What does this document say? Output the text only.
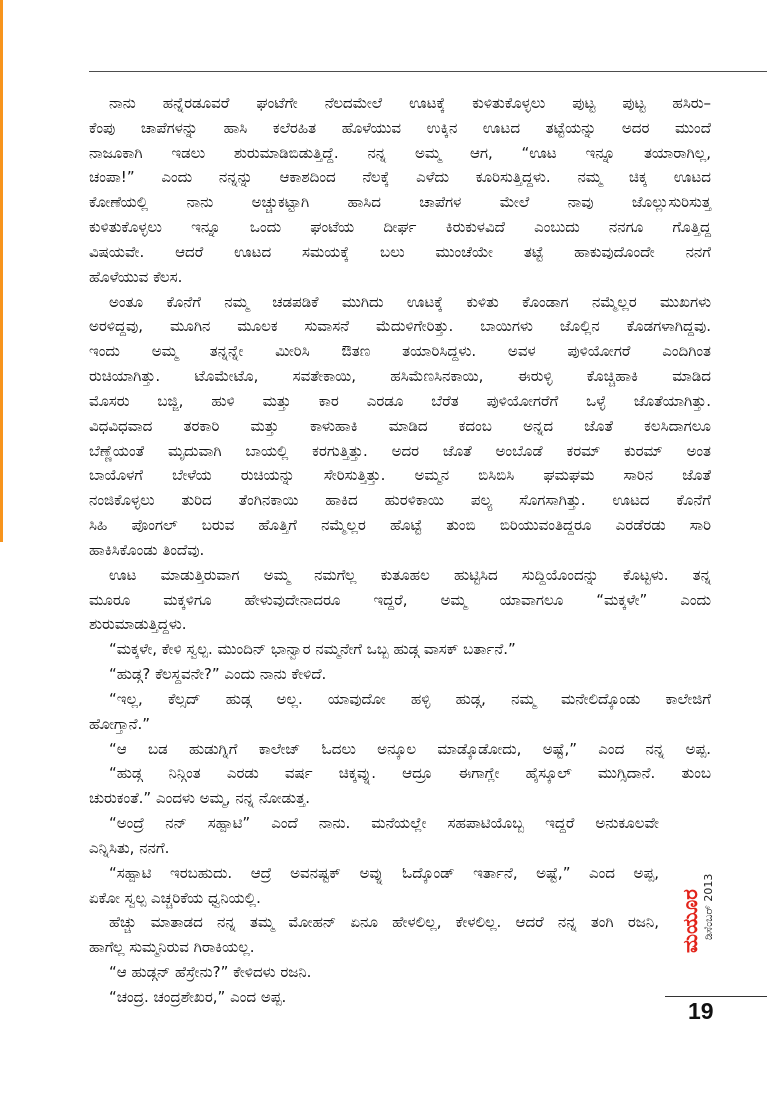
ನಾನು ಹನ್ನೆರಡೂವರೆ ಘಂಟೆಗೇ ನೆಲದಮೇಲೆ ಊಟಕ್ಕೆ ಕುಳಿತುಕೊಳ್ಳಲು ಪುಟ್ಟ ಪುಟ್ಟ ಹಸಿರು–
ಕೆಂಪು ಚಾಪೆಗಳನ್ನು ಹಾಸಿ ಕಲೆರಹಿತ ಹೊಳೆಯುವ ಉಕ್ಕಿನ ಊಟದ ತಟ್ಟೆಯನ್ನು ಅದರ ಮುಂದೆ
ನಾಜೂಕಾಗಿ ಇಡಲು ಶುರುಮಾಡಿಬಿಡುತ್ತಿದ್ದೆ. ನನ್ನ ಅಮ್ಮ ಆಗ, “ಊಟ ಇನ್ನೂ ತಯಾರಾಗಿಲ್ಲ,
ಚಂಪಾ!” ಎಂದು ನನ್ನನ್ನು ಆಕಾಶದಿಂದ ನೆಲಕ್ಕೆ ಎಳೆದು ಕೂರಿಸುತ್ತಿದ್ದಳು. ನಮ್ಮ ಚಿಕ್ಕ ಊಟದ
ಕೋಣೆಯಲ್ಲಿ ನಾನು ಅಚ್ಚುಕಟ್ಟಾಗಿ ಹಾಸಿದ ಚಾಪೆಗಳ ಮೇಲೆ ನಾವು ಜೊಲ್ಲುಸುರಿಸುತ್ತ
ಕುಳಿತುಕೊಳ್ಳಲು ಇನ್ನೂ ಒಂದು ಘಂಟೆಯ ದೀರ್ಘ ಕಿರುಕುಳವಿದೆ ಎಂಬುದು ನನಗೂ ಗೊತ್ತಿದ್ದ
ವಿಷಯವೇ. ಆದರೆ ಊಟದ ಸಮಯಕ್ಕೆ ಬಲು ಮುಂಚೆಯೇ ತಟ್ಟೆ ಹಾಕುವುದೊಂದೇ ನನಗೆ
ಹೊಳೆಯುವ ಕೆಲಸ.
ಅಂತೂ ಕೊನೆಗೆ ನಮ್ಮ ಚಡಪಡಿಕೆ ಮುಗಿದು ಊಟಕ್ಕೆ ಕುಳಿತು ಕೊಂಡಾಗ ನಮ್ಮೆಲ್ಲರ ಮುಖಗಳು
ಅರಳಿದ್ದವು, ಮೂಗಿನ ಮೂಲಕ ಸುವಾಸನೆ ಮೆದುಳಿಗೇರಿತ್ತು. ಬಾಯಿಗಳು ಜೊಲ್ಲಿನ ಕೊಡಗಳಾಗಿದ್ದವು.
ಇಂದು ಅಮ್ಮ ತನ್ನನ್ನೇ ಮೀರಿಸಿ ಔತಣ ತಯಾರಿಸಿದ್ದಳು. ಅವಳ ಪುಳಿಯೋಗರೆ ಎಂದಿಗಿಂತ
ರುಚಿಯಾಗಿತ್ತು. ಟೊಮೇಟೊ, ಸವತೇಕಾಯಿ, ಹಸಿಮೆಣಸಿನಕಾಯಿ, ಈರುಳ್ಳಿ ಕೊಚ್ಚಿಹಾಕಿ ಮಾಡಿದ
ಮೊಸರು ಬಜ್ಜಿ, ಹುಳಿ ಮತ್ತು ಕಾರ ಎರಡೂ ಬೆರೆತ ಪುಳಿಯೋಗರೆಗೆ ಒಳ್ಳೆ ಜೊತೆಯಾಗಿತ್ತು.
ವಿಧವಿಧವಾದ ತರಕಾರಿ ಮತ್ತು ಕಾಳುಹಾಕಿ ಮಾಡಿದ ಕದಂಬ ಅನ್ನದ ಜೊತೆ ಕಲಸಿದಾಗಲೂ
ಬೆಣ್ಣೆಯಂತೆ ಮೃದುವಾಗಿ ಬಾಯಲ್ಲಿ ಕರಗುತ್ತಿತ್ತು. ಅದರ ಜೊತೆ ಅಂಬೊಡೆ ಕರಮ್ ಕುರಮ್ ಅಂತ
ಬಾಯೊಳಗೆ ಬೇಳೆಯ ರುಚಿಯನ್ನು ಸೇರಿಸುತ್ತಿತ್ತು. ಅಮ್ಮನ ಬಿಸಿಬಿಸಿ ಘಮಘಮ ಸಾರಿನ ಜೊತೆ
ನಂಜಿಕೊಳ್ಳಲು ತುರಿದ ತೆಂಗಿನಕಾಯಿ ಹಾಕಿದ ಹುರಳಿಕಾಯಿ ಪಲ್ಯ ಸೊಗಸಾಗಿತ್ತು. ಊಟದ ಕೊನೆಗೆ
ಸಿಹಿ ಪೊಂಗಲ್ ಬರುವ ಹೊತ್ತಿಗೆ ನಮ್ಮೆಲ್ಲರ ಹೊಟ್ಟೆ ತುಂಬಿ ಬಿರಿಯುವಂತಿದ್ದರೂ ಎರಡೆರಡು ಸಾರಿ
ಹಾಕಿಸಿಕೊಂಡು ತಿಂದೆವು.
ಊಟ ಮಾಡುತ್ತಿರುವಾಗ ಅಮ್ಮ ನಮಗೆಲ್ಲ ಕುತೂಹಲ ಹುಟ್ಟಿಸಿದ ಸುದ್ದಿಯೊಂದನ್ನು ಕೊಟ್ಟಳು. ತನ್ನ
ಮೂರೂ ಮಕ್ಕಳಿಗೂ ಹೇಳುವುದೇನಾದರೂ ಇದ್ದರೆ, ಅಮ್ಮ ಯಾವಾಗಲೂ “ಮಕ್ಕಳೇ” ಎಂದು
ಶುರುಮಾಡುತ್ತಿದ್ದಳು.
“ಮಕ್ಕಳೇ, ಕೇಳಿ ಸ್ವಲ್ಪ. ಮುಂದಿನ್ ಭಾನ್ವಾರ ನಮ್ಮನೇಗೆ ಒಬ್ಬ ಹುಡ್ಗ ವಾಸಕ್ ಬರ್ತಾನೆ.”
“ಹುಡ್ಗ? ಕೆಲಸ್ದವನೇ?” ಎಂದು ನಾನು ಕೇಳಿದೆ.
“ಇಲ್ಲ, ಕೆಲ್ಸದ್ ಹುಡ್ಗ ಅಲ್ಲ. ಯಾವುದೋ ಹಳ್ಳಿ ಹುಡ್ಗ, ನಮ್ಮ ಮನೇಲಿದ್ಕೊಂಡು ಕಾಲೇಜಿಗೆ
ಹೋಗ್ತಾನೆ.”
“ಆ ಬಡ ಹುಡುಗ್ನಿಗೆ ಕಾಲೇಜ್ ಓದಲು ಅನ್ಕೂಲ ಮಾಡ್ಕೊಡೋದು, ಅಷ್ಟೆ,” ಎಂದ ನನ್ನ ಅಪ್ಪ.
“ಹುಡ್ಗ ನಿನ್ಗಿಂತ ಎರಡು ವರ್ಷ ಚಿಕ್ಕವ್ನು. ಆದ್ರೂ ಈಗಾಗ್ಲೇ ಹೈಸ್ಕೂಲ್ ಮುಗ್ಸಿದಾನೆ. ತುಂಬ
ಚುರುಕಂತೆ.” ಎಂದಳು ಅಮ್ಮ, ನನ್ನ ನೋಡುತ್ತ.
“ಅಂದ್ರೆ ನನ್ ಸಹ್ಪಾಟಿ” ಎಂದೆ ನಾನು. ಮನೆಯಲ್ಲೇ ಸಹಪಾಟಿಯೊಬ್ಬ ಇದ್ದರೆ ಅನುಕೂಲವೇ
ಎನ್ನಿಸಿತು, ನನಗೆ.
“ಸಹ್ಪಾಟಿ ಇರಬಹುದು. ಆದ್ರೆ ಅವನಷ್ಟಕ್ ಅವ್ನು ಓದ್ಕೊಂಡ್ ಇರ್ತಾನೆ, ಅಷ್ಟೆ,” ಎಂದ ಅಪ್ಪ,
ಏಕೋ ಸ್ವಲ್ಪ ಎಚ್ಚರಿಕೆಯ ಧ್ವನಿಯಲ್ಲಿ.
ಹೆಚ್ಚು ಮಾತಾಡದ ನನ್ನ ತಮ್ಮ ಮೋಹನ್ ಏನೂ ಹೇಳಲಿಲ್ಲ, ಕೇಳಲಿಲ್ಲ. ಆದರೆ ನನ್ನ ತಂಗಿ ರಜನಿ,
ಹಾಗೆಲ್ಲ ಸುಮ್ಮನಿರುವ ಗಿರಾಕಿಯಲ್ಲ.
“ಆ ಹುಡ್ಗನ್ ಹೆಸ್ರೇನು?” ಕೇಳಿದಳು ರಜನಿ.
“ಚಂದ್ರ. ಚಂದ್ರಶೇಖರ,” ಎಂದ ಅಪ್ಪ.
ಮಯೂರ ಡಿಸೆಂಬರ್ 2013
19
